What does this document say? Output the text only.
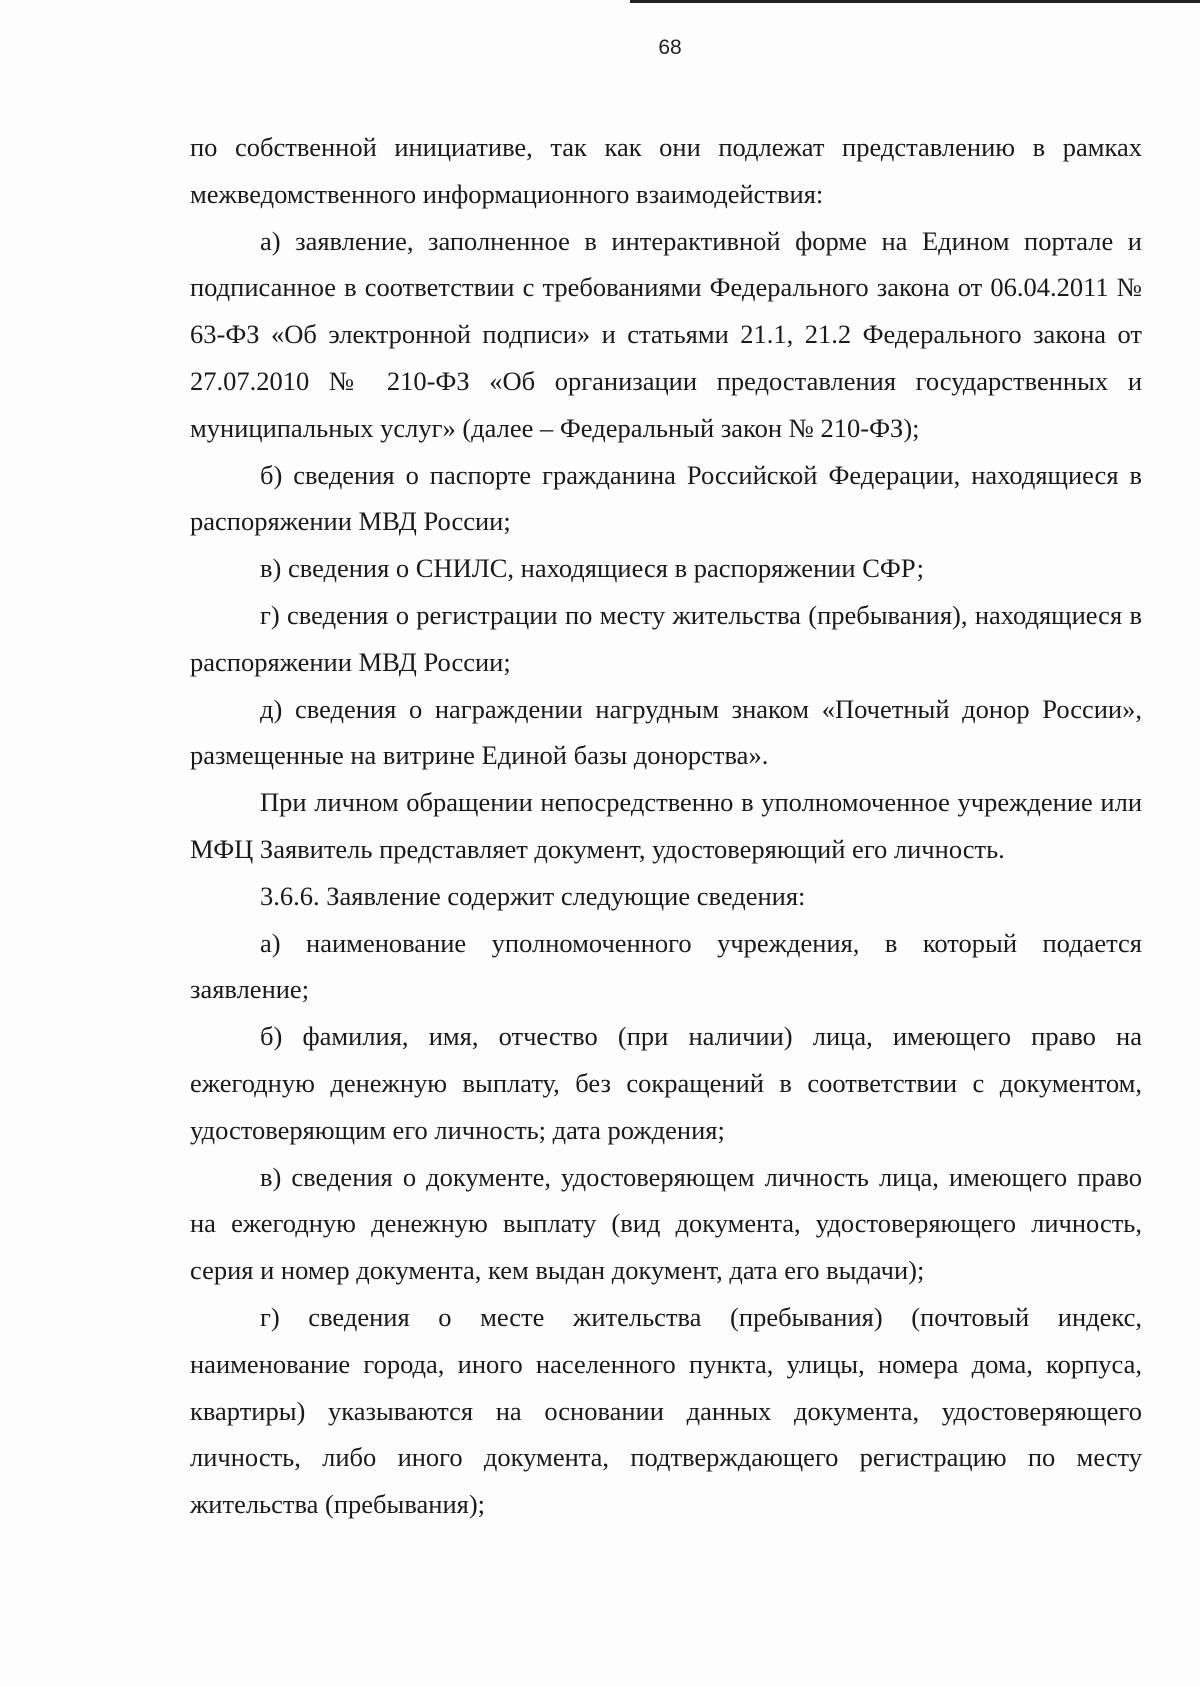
68

по собственной инициативе, так как они подлежат представлению в рамках межведомственного информационного взаимодействия:

а) заявление, заполненное в интерактивной форме на Едином портале и подписанное в соответствии с требованиями Федерального закона от 06.04.2011 № 63-ФЗ «Об электронной подписи» и статьями 21.1, 21.2 Федерального закона от 27.07.2010 № 210-ФЗ «Об организации предоставления государственных и муниципальных услуг» (далее – Федеральный закон № 210-ФЗ);

б) сведения о паспорте гражданина Российской Федерации, находящиеся в распоряжении МВД России;

в) сведения о СНИЛС, находящиеся в распоряжении СФР;

г) сведения о регистрации по месту жительства (пребывания), находящиеся в распоряжении МВД России;

д) сведения о награждении нагрудным знаком «Почетный донор России», размещенные на витрине Единой базы донорства».

При личном обращении непосредственно в уполномоченное учреждение или МФЦ Заявитель представляет документ, удостоверяющий его личность.

3.6.6. Заявление содержит следующие сведения:

а) наименование уполномоченного учреждения, в который подается заявление;

б) фамилия, имя, отчество (при наличии) лица, имеющего право на ежегодную денежную выплату, без сокращений в соответствии с документом, удостоверяющим его личность; дата рождения;

в) сведения о документе, удостоверяющем личность лица, имеющего право на ежегодную денежную выплату (вид документа, удостоверяющего личность, серия и номер документа, кем выдан документ, дата его выдачи);

г) сведения о месте жительства (пребывания) (почтовый индекс, наименование города, иного населенного пункта, улицы, номера дома, корпуса, квартиры) указываются на основании данных документа, удостоверяющего личность, либо иного документа, подтверждающего регистрацию по месту жительства (пребывания);
